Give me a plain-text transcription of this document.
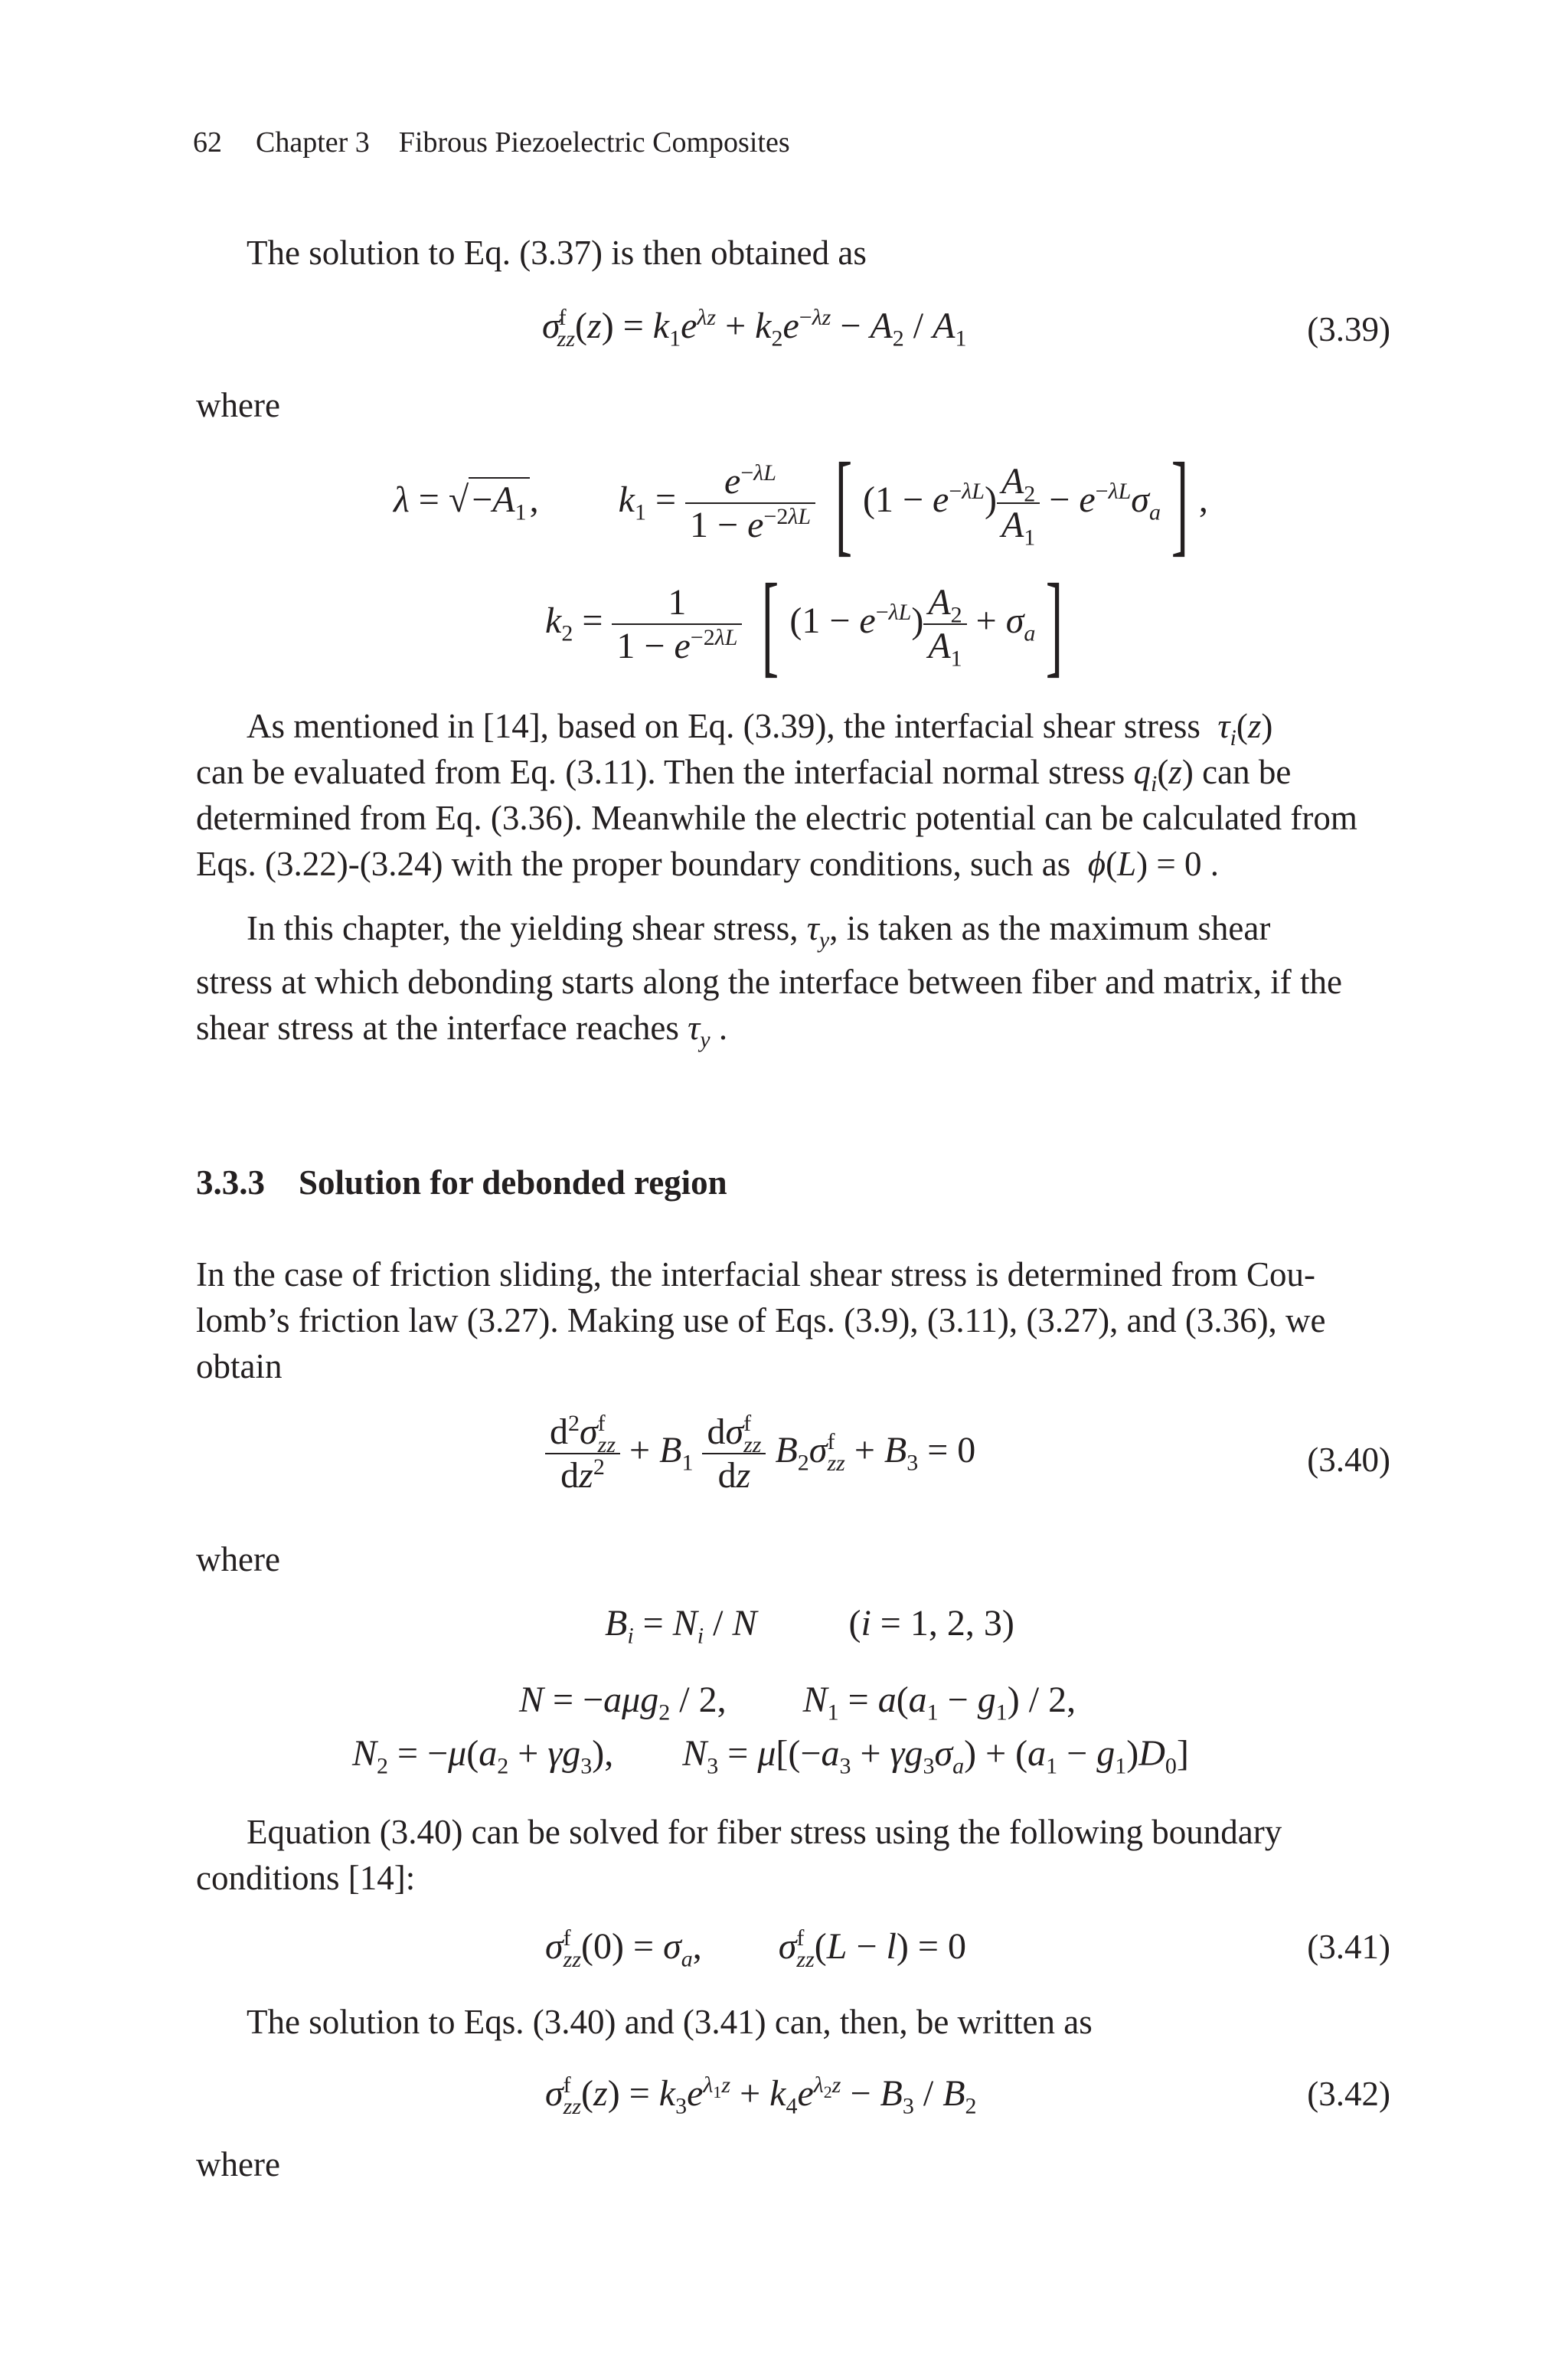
62 Chapter 3    Fibrous Piezoelectric Composites
The solution to Eq. (3.37) is then obtained as
$\sigma^f_{zz}(z) = k_1e^{\lambda z} + k_2e^{-\lambda z} - A_2 / A_1$	(3.39)
where
$\lambda = √-A_1$,  $k_1 = \frac{e^{-\lambda L}}{1 - e^{-2\lambda L}}$ [ $(1 - e^{-\lambda L}) \frac{A_2}{A_1} - e^{-\lambda L}\sigma_a$] ,
$k_2 = \frac{1}{1 - e^{-2\lambda L}}$ [ $(1 - e^{-\lambda L}) \frac{A_2}{A_1} + \sigma_a$]
As mentioned in [14], based on Eq. (3.39), the interfacial shear stress $\tau_i(z)$
can be evaluated from Eq. (3.11). Then the interfacial normal stress $q_i(z)$ can be
determined from Eq. (3.36). Meanwhile the electric potential can be calculated from
Eqs. (3.22)-(3.24) with the proper boundary conditions, such as ϕ(L) = 0 .
In this chapter, the yielding shear stress, $\tau_y$, is taken as the maximum shear
stress at which debonding starts along the interface between fiber and matrix, if the
shear stress at the interface reaches $\tau_y$ .
3.3.3 Solution for debonded region
In the case of friction sliding, the interfacial shear stress is determined from Cou-
lomb’s friction law (3.27). Making use of Eqs. (3.9), (3.11), (3.27), and (3.36), we
obtain
$\frac{d^2\sigma^f_{zz}}{dz^2} + B_1 \frac{d\sigma^f_{zz}}{dz} B_2\sigma^f_{zz} + B_3 = 0$	(3.40)
where
$B_i = N_i / N$	(i = 1, 2, 3)
N = −aμg$_2$ / 2, $N_1 = a(a_1 - g_1) / 2$,
$N_2 = -\mu(a_2 + \gamma g_3)$, $N_3 = \mu[(-a_3 + \gamma g_3\sigma_a) + (a_1 - g_1)D_0]$
Equation (3.40) can be solved for fiber stress using the following boundary
conditions [14]:
$\sigma^f_{zz}(0) = \sigma_a$, $\sigma^f_{zz}(L - l) = 0$	(3.41)
The solution to Eqs. (3.40) and (3.41) can, then, be written as
$\sigma^f_{zz}(z) = k_3e^{\lambda_1z} + k_4e^{\lambda_2z} - B_3 / B_2$	(3.42)
where
